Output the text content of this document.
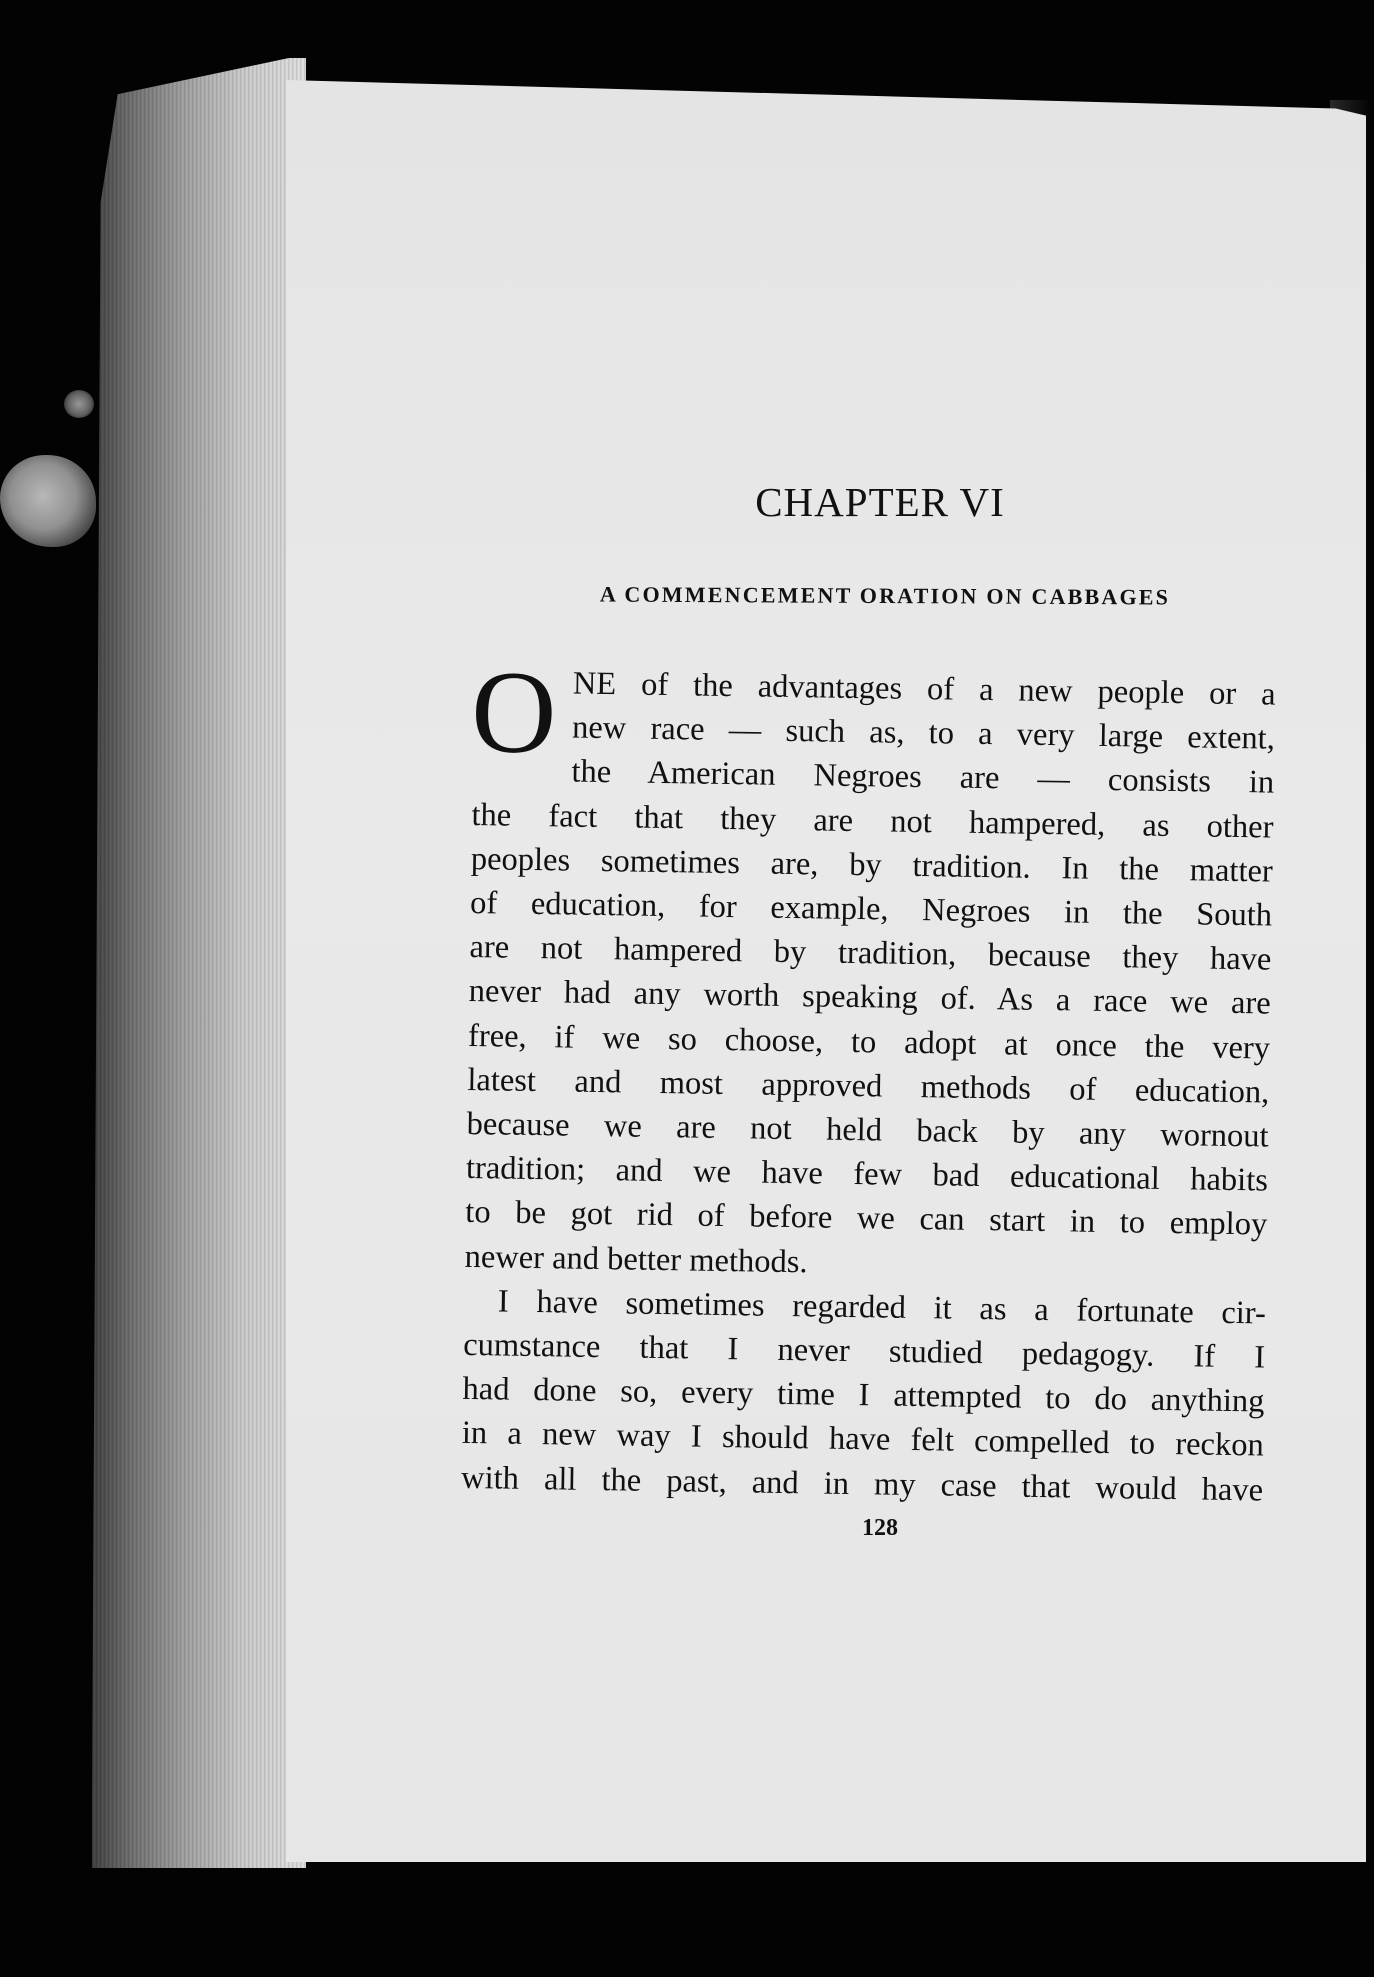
CHAPTER VI
A COMMENCEMENT ORATION ON CABBAGES
O NE of the advantages of a new people or a
new race — such as, to a very large extent,
the American Negroes are — consists in
the fact that they are not hampered, as other
peoples sometimes are, by tradition. In the matter
of education, for example, Negroes in the South
are not hampered by tradition, because they have
never had any worth speaking of. As a race we are
free, if we so choose, to adopt at once the very
latest and most approved methods of education,
because we are not held back by any wornout
tradition; and we have few bad educational habits
to be got rid of before we can start in to employ
newer and better methods.
I have sometimes regarded it as a fortunate cir-
cumstance that I never studied pedagogy. If I
had done so, every time I attempted to do anything
in a new way I should have felt compelled to reckon
with all the past, and in my case that would have
128
